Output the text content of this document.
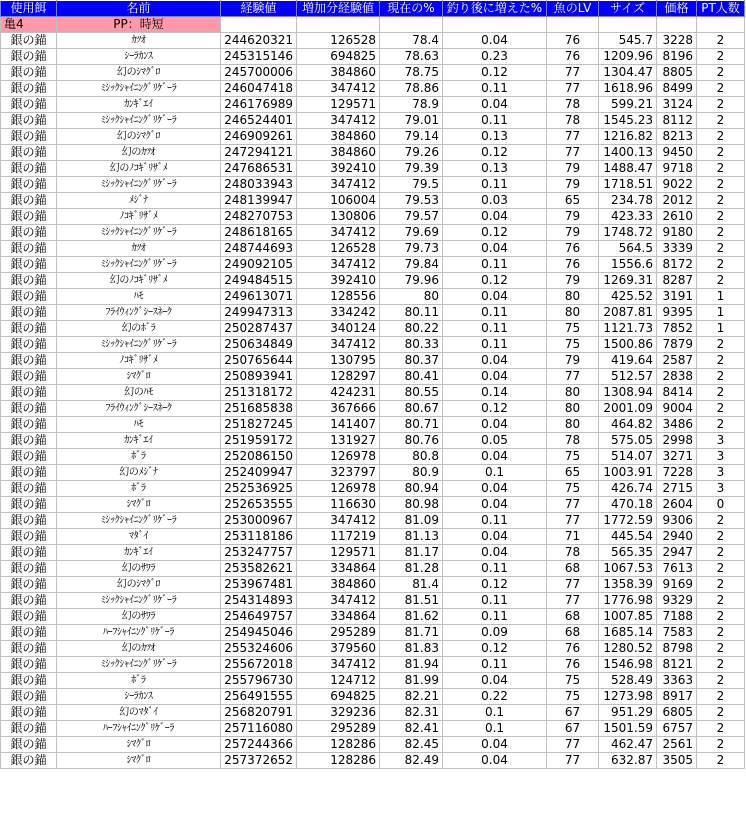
使用餌	名前	経験値	増加分経験値	現在の%	釣り後に増えた%	魚のLV	サイズ	価格	PT人数
亀4	PP：時短								
銀の錨	ｶﾂｵ	244620321	126528	78.4	0.04	76	545.7	3228	2
銀の錨	ｼｰﾗｶﾝｽ	245315146	694825	78.63	0.23	76	1209.96	8196	2
銀の錨	幻のｼﾏｸﾞﾛ	245700006	384860	78.75	0.12	77	1304.47	8805	2
銀の錨	ﾐｼｯｸｼｬｲﾆﾝｸﾞﾘｹﾞｰﾗ	246047418	347412	78.86	0.11	77	1618.96	8499	2
銀の錨	ｶﾝｷﾞｴｲ	246176989	129571	78.9	0.04	78	599.21	3124	2
銀の錨	ﾐｼｯｸｼｬｲﾆﾝｸﾞﾘｹﾞｰﾗ	246524401	347412	79.01	0.11	78	1545.23	8112	2
銀の錨	幻のｼﾏｸﾞﾛ	246909261	384860	79.14	0.13	77	1216.82	8213	2
銀の錨	幻のｶﾂｵ	247294121	384860	79.26	0.12	77	1400.13	9450	2
銀の錨	幻のﾉｺｷﾞﾘｻﾞﾒ	247686531	392410	79.39	0.13	79	1488.47	9718	2
銀の錨	ﾐｼｯｸｼｬｲﾆﾝｸﾞﾘｹﾞｰﾗ	248033943	347412	79.5	0.11	79	1718.51	9022	2
銀の錨	ﾒｼﾞﾅ	248139947	106004	79.53	0.03	65	234.78	2012	2
銀の錨	ﾉｺｷﾞﾘｻﾞﾒ	248270753	130806	79.57	0.04	79	423.33	2610	2
銀の錨	ﾐｼｯｸｼｬｲﾆﾝｸﾞﾘｹﾞｰﾗ	248618165	347412	79.69	0.12	79	1748.72	9180	2
銀の錨	ｶﾂｵ	248744693	126528	79.73	0.04	76	564.5	3339	2
銀の錨	ﾐｼｯｸｼｬｲﾆﾝｸﾞﾘｹﾞｰﾗ	249092105	347412	79.84	0.11	76	1556.6	8172	2
銀の錨	幻のﾉｺｷﾞﾘｻﾞﾒ	249484515	392410	79.96	0.12	79	1269.31	8287	2
銀の錨	ﾊﾓ	249613071	128556	80	0.04	80	425.52	3191	1
銀の錨	ﾌﾗｲｳｨﾝｸﾞｼｰｽﾈｰｸ	249947313	334242	80.11	0.11	80	2087.81	9395	1
銀の錨	幻のﾎﾞﾗ	250287437	340124	80.22	0.11	75	1121.73	7852	1
銀の錨	ﾐｼｯｸｼｬｲﾆﾝｸﾞﾘｹﾞｰﾗ	250634849	347412	80.33	0.11	75	1500.86	7879	2
銀の錨	ﾉｺｷﾞﾘｻﾞﾒ	250765644	130795	80.37	0.04	79	419.64	2587	2
銀の錨	ｼﾏｸﾞﾛ	250893941	128297	80.41	0.04	77	512.57	2838	2
銀の錨	幻のﾊﾓ	251318172	424231	80.55	0.14	80	1308.94	8414	2
銀の錨	ﾌﾗｲｳｨﾝｸﾞｼｰｽﾈｰｸ	251685838	367666	80.67	0.12	80	2001.09	9004	2
銀の錨	ﾊﾓ	251827245	141407	80.71	0.04	80	464.82	3486	2
銀の錨	ｶﾝｷﾞｴｲ	251959172	131927	80.76	0.05	78	575.05	2998	3
銀の錨	ﾎﾞﾗ	252086150	126978	80.8	0.04	75	514.07	3271	3
銀の錨	幻のﾒｼﾞﾅ	252409947	323797	80.9	0.1	65	1003.91	7228	3
銀の錨	ﾎﾞﾗ	252536925	126978	80.94	0.04	75	426.74	2715	3
銀の錨	ｼﾏｸﾞﾛ	252653555	116630	80.98	0.04	77	470.18	2604	0
銀の錨	ﾐｼｯｸｼｬｲﾆﾝｸﾞﾘｹﾞｰﾗ	253000967	347412	81.09	0.11	77	1772.59	9306	2
銀の錨	ﾏﾀﾞｲ	253118186	117219	81.13	0.04	71	445.54	2940	2
銀の錨	ｶﾝｷﾞｴｲ	253247757	129571	81.17	0.04	78	565.35	2947	2
銀の錨	幻のｻﾜﾗ	253582621	334864	81.28	0.11	68	1067.53	7613	2
銀の錨	幻のｼﾏｸﾞﾛ	253967481	384860	81.4	0.12	77	1358.39	9169	2
銀の錨	ﾐｼｯｸｼｬｲﾆﾝｸﾞﾘｹﾞｰﾗ	254314893	347412	81.51	0.11	77	1776.98	9329	2
銀の錨	幻のｻﾜﾗ	254649757	334864	81.62	0.11	68	1007.85	7188	2
銀の錨	ﾊｰﾌｼｬｲﾆﾝｸﾞﾘｹﾞｰﾗ	254945046	295289	81.71	0.09	68	1685.14	7583	2
銀の錨	幻のｶﾂｵ	255324606	379560	81.83	0.12	76	1280.52	8798	2
銀の錨	ﾐｼｯｸｼｬｲﾆﾝｸﾞﾘｹﾞｰﾗ	255672018	347412	81.94	0.11	76	1546.98	8121	2
銀の錨	ﾎﾞﾗ	255796730	124712	81.99	0.04	75	528.49	3363	2
銀の錨	ｼｰﾗｶﾝｽ	256491555	694825	82.21	0.22	75	1273.98	8917	2
銀の錨	幻のﾏﾀﾞｲ	256820791	329236	82.31	0.1	67	951.29	6805	2
銀の錨	ﾊｰﾌｼｬｲﾆﾝｸﾞﾘｹﾞｰﾗ	257116080	295289	82.41	0.1	67	1501.59	6757	2
銀の錨	ｼﾏｸﾞﾛ	257244366	128286	82.45	0.04	77	462.47	2561	2
銀の錨	ｼﾏｸﾞﾛ	257372652	128286	82.49	0.04	77	632.87	3505	2
